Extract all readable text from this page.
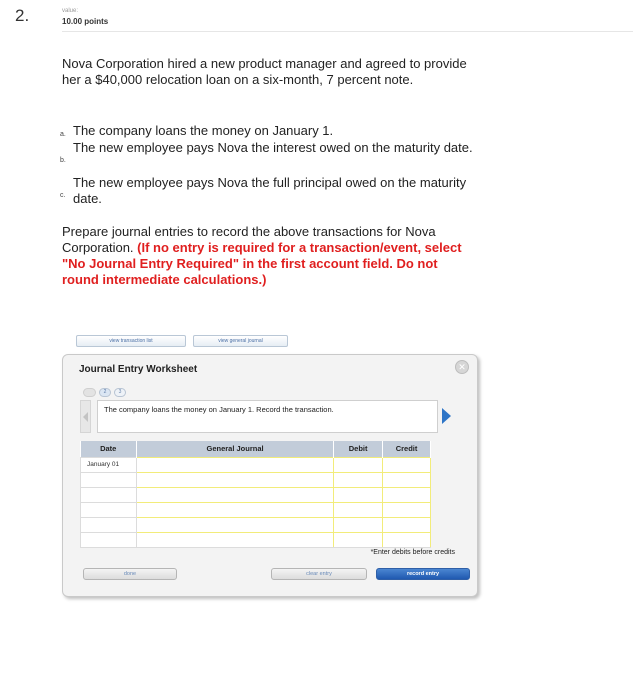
2.	value:
10.00 points
Nova Corporation hired a new product manager and agreed to provide her a $40,000 relocation loan on a six-month, 7 percent note.
a. The company loans the money on January 1.
b.
The new employee pays Nova the interest owed on the maturity date.
c.
The new employee pays Nova the full principal owed on the maturity date.
Prepare journal entries to record the above transactions for Nova Corporation. (If no entry is required for a transaction/event, select "No Journal Entry Required" in the first account field. Do not round intermediate calculations.)
view transaction list	view general journal
Journal Entry Worksheet	✕
2	3
The company loans the money on January 1. Record the transaction.
Date	General Journal	Debit	Credit
January 01			

*Enter debits before credits
done	clear entry	record entry
